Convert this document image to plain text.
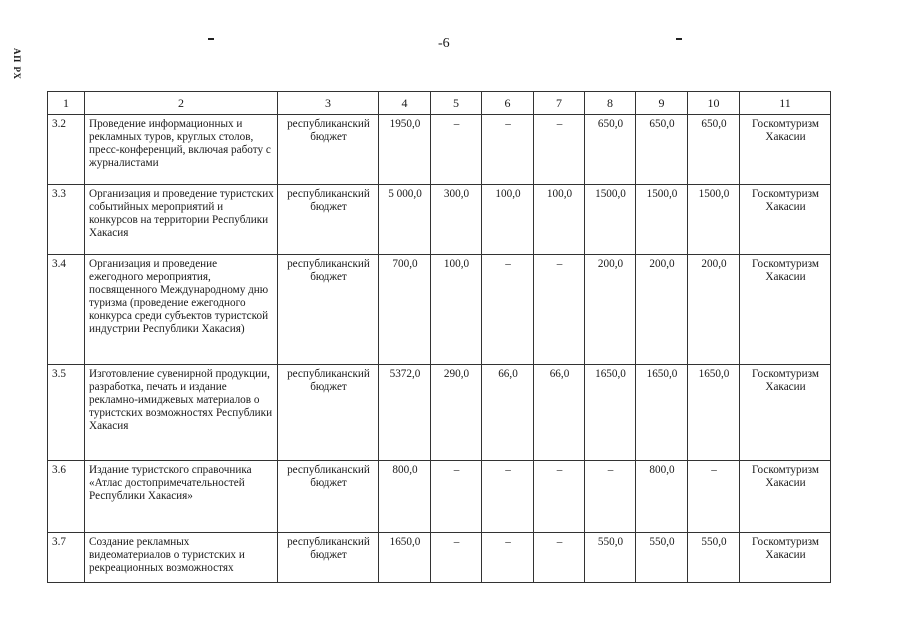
АП РХ
-6
1	2	3	4	5	6	7	8	9	10	11
3.2	Проведение информационных и рекламных туров, круглых столов, пресс-конференций, включая работу с журналистами	республиканский бюджет	1950,0	–	–	–	650,0	650,0	650,0	Госкомтуризм Хакасии
3.3	Организация и проведение туристских событийных мероприятий и конкурсов на территории Республики Хакасия	республиканский бюджет	5 000,0	300,0	100,0	100,0	1500,0	1500,0	1500,0	Госкомтуризм Хакасии
3.4	Организация и проведение ежегодного мероприятия, посвященного Международному дню туризма (проведение ежегодного конкурса среди субъектов туристской индустрии Республики Хакасия)	республиканский бюджет	700,0	100,0	–	–	200,0	200,0	200,0	Госкомтуризм Хакасии
3.5	Изготовление сувенирной продукции, разработка, печать и издание рекламно-имиджевых материалов о туристских возможностях Республики Хакасия	республиканский бюджет	5372,0	290,0	66,0	66,0	1650,0	1650,0	1650,0	Госкомтуризм Хакасии
3.6	Издание туристского справочника «Атлас достопримечательностей Республики Хакасия»	республиканский бюджет	800,0	–	–	–	–	800,0	–	Госкомтуризм Хакасии
3.7	Создание рекламных видеоматериалов о туристских и рекреационных возможностях	республиканский бюджет	1650,0	–	–	–	550,0	550,0	550,0	Госкомтуризм Хакасии
